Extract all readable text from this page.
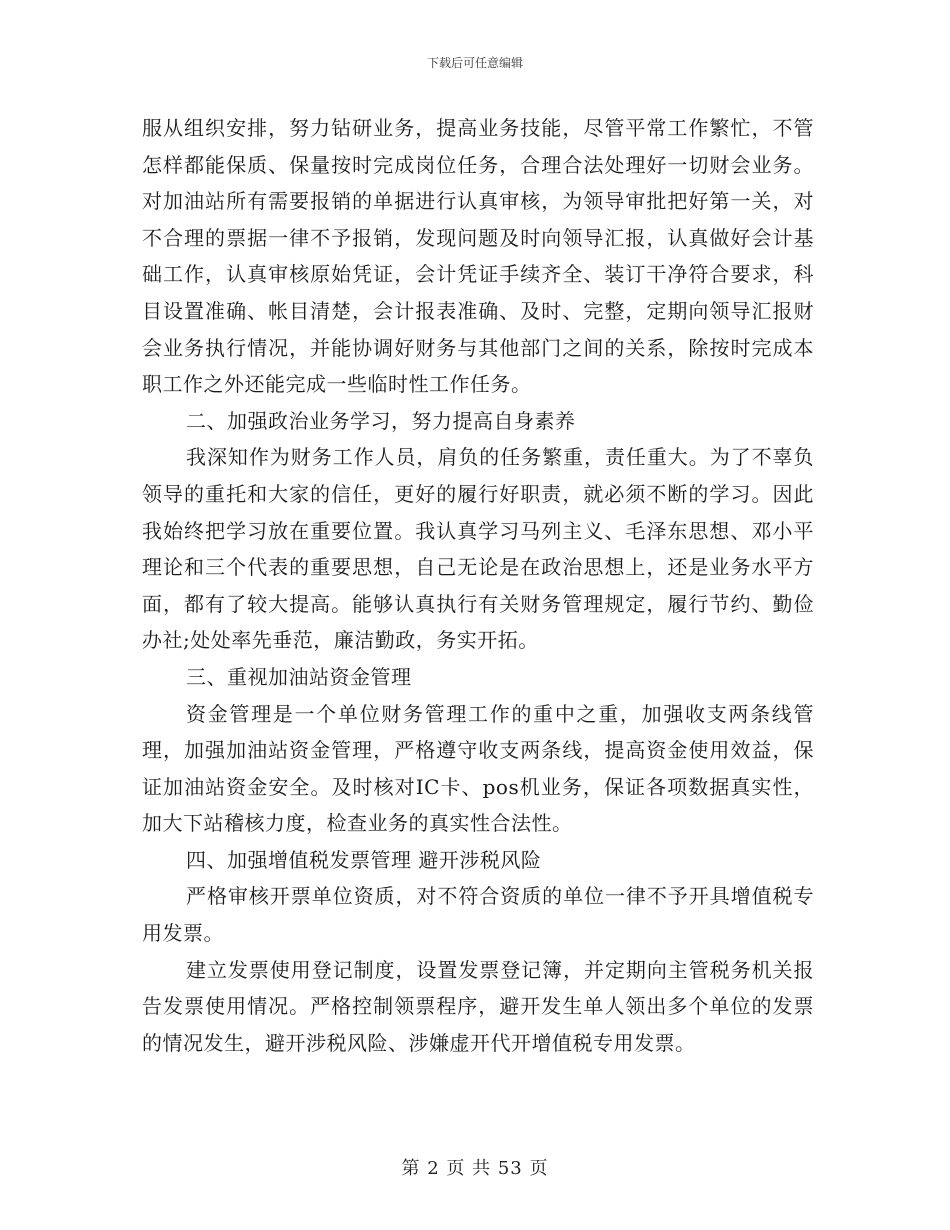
下载后可任意编辑

服从组织安排，努力钻研业务，提高业务技能，尽管平常工作繁忙，不管怎样都能保质、保量按时完成岗位任务，合理合法处理好一切财会业务。对加油站所有需要报销的单据进行认真审核，为领导审批把好第一关，对不合理的票据一律不予报销，发现问题及时向领导汇报，认真做好会计基础工作，认真审核原始凭证，会计凭证手续齐全、装订干净符合要求，科目设置准确、帐目清楚，会计报表准确、及时、完整，定期向领导汇报财会业务执行情况，并能协调好财务与其他部门之间的关系，除按时完成本职工作之外还能完成一些临时性工作任务。

二、加强政治业务学习，努力提高自身素养

我深知作为财务工作人员，肩负的任务繁重，责任重大。为了不辜负领导的重托和大家的信任，更好的履行好职责，就必须不断的学习。因此我始终把学习放在重要位置。我认真学习马列主义、毛泽东思想、邓小平理论和三个代表的重要思想，自己无论是在政治思想上，还是业务水平方面，都有了较大提高。能够认真执行有关财务管理规定，履行节约、勤俭办社;处处率先垂范，廉洁勤政，务实开拓。

三、重视加油站资金管理

资金管理是一个单位财务管理工作的重中之重，加强收支两条线管理，加强加油站资金管理，严格遵守收支两条线，提高资金使用效益，保证加油站资金安全。及时核对IC卡、pos机业务，保证各项数据真实性，加大下站稽核力度，检查业务的真实性合法性。

四、加强增值税发票管理 避开涉税风险

严格审核开票单位资质，对不符合资质的单位一律不予开具增值税专用发票。

建立发票使用登记制度，设置发票登记簿，并定期向主管税务机关报告发票使用情况。严格控制领票程序，避开发生单人领出多个单位的发票的情况发生，避开涉税风险、涉嫌虚开代开增值税专用发票。

第 2 页 共 53 页
